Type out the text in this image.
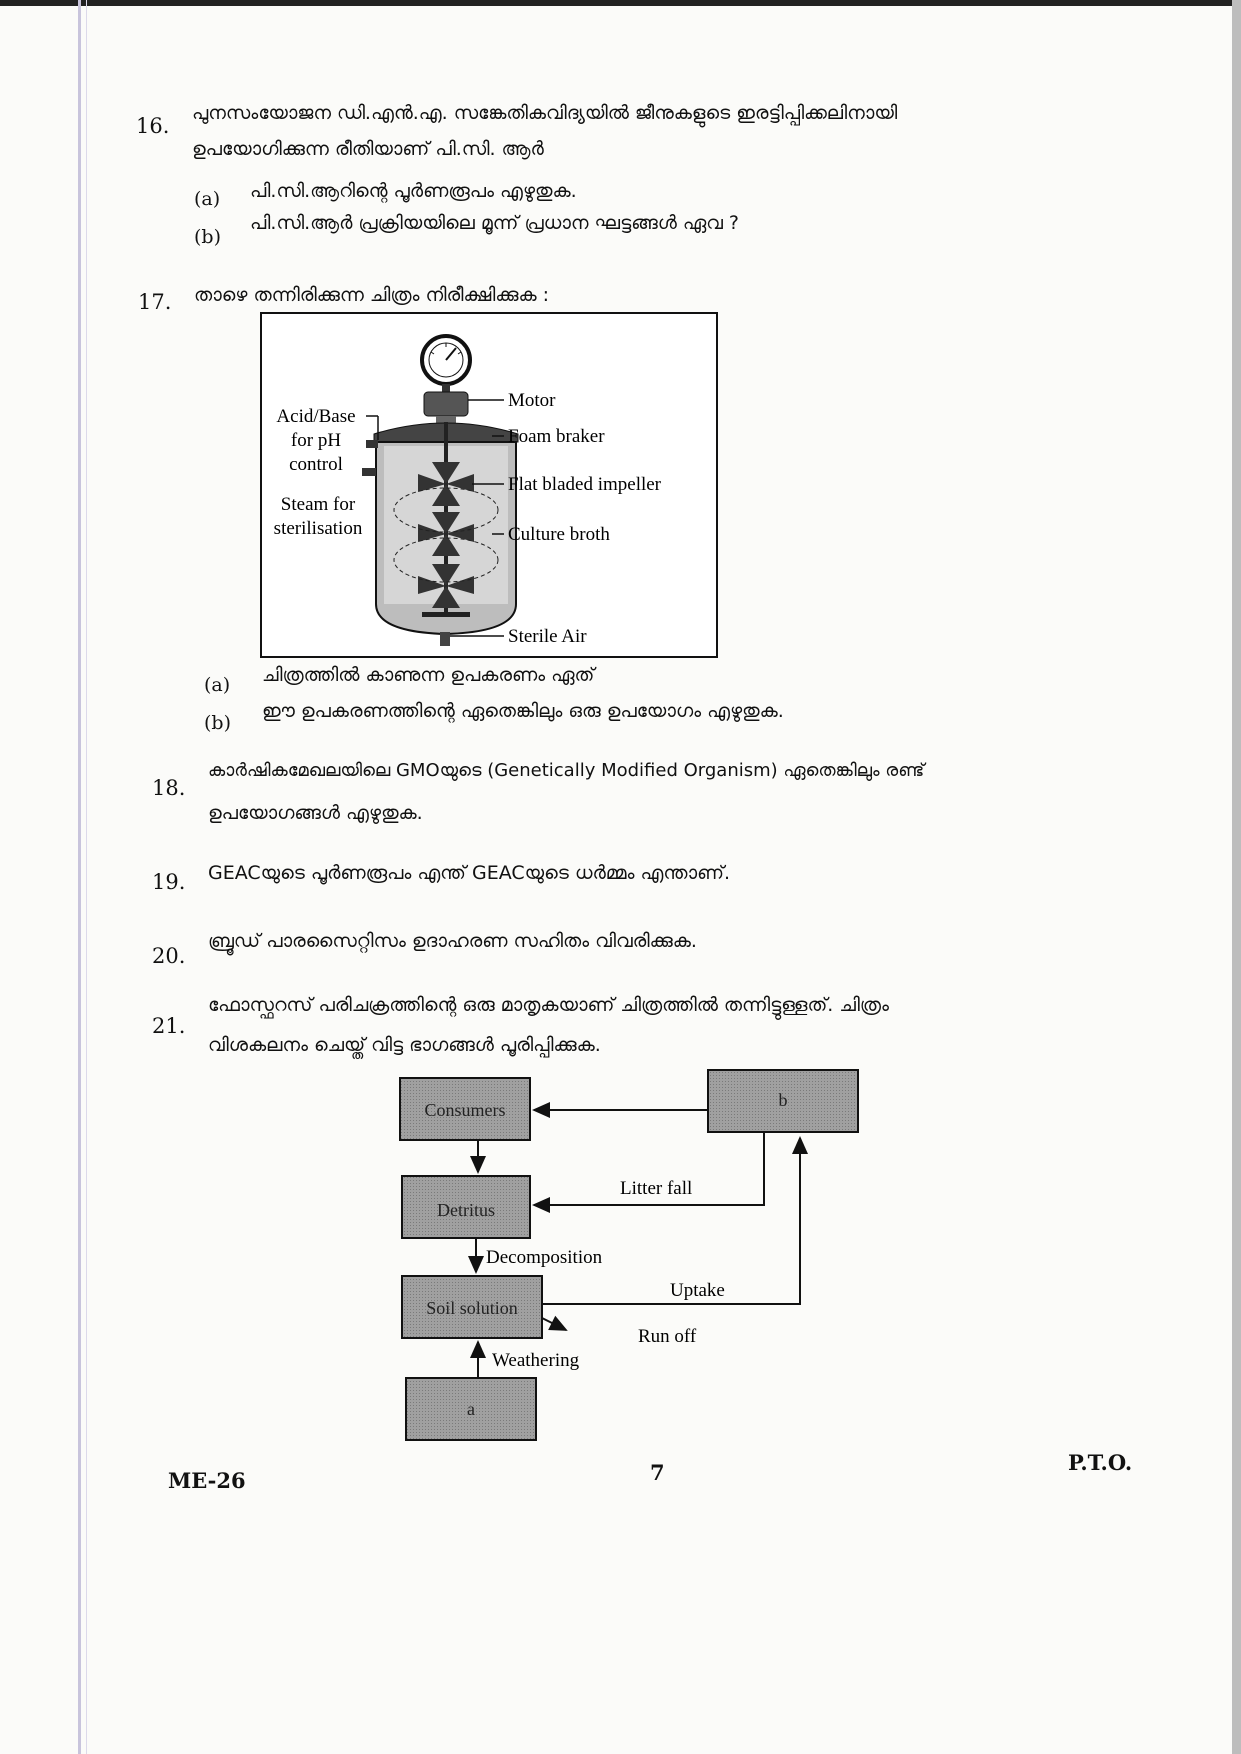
16.
പുനസംയോജന ഡി.എൻ.എ. സങ്കേതികവിദ്യയിൽ ജീനുകളുടെ ഇരട്ടിപ്പിക്കലിനായി
ഉപയോഗിക്കുന്ന രീതിയാണ് പി.സി. ആർ
(a) പി.സി.ആറിന്റെ പൂർണരൂപം എഴുതുക.
(b)
പി.സി.ആർ പ്രക്രിയയിലെ മൂന്ന് പ്രധാന ഘട്ടങ്ങൾ ഏവ ?
17. താഴെ തന്നിരിക്കുന്ന ചിത്രം നിരീക്ഷിക്കുക :
Motor
Foam braker
Flat bladed impeller
Culture broth
Sterile Air
Acid/Base
for pH
control
Steam for
sterilisation
(a) ചിത്രത്തിൽ കാണുന്ന ഉപകരണം ഏത്
(b)
ഈ ഉപകരണത്തിന്റെ ഏതെങ്കിലും ഒരു ഉപയോഗം എഴുതുക.
18.
കാർഷികമേഖലയിലെ GMOയുടെ (Genetically Modified Organism) ഏതെങ്കിലും രണ്ട്
ഉപയോഗങ്ങൾ എഴുതുക.
19. GEACയുടെ പൂർണരൂപം എന്ത് GEACയുടെ ധർമ്മം എന്താണ്.
20.
ബ്രൂഡ് പാരസൈറ്റിസം ഉദാഹരണ സഹിതം വിവരിക്കുക.
21.
ഫോസ്ഫറസ് പരിചക്രത്തിന്റെ ഒരു മാതൃകയാണ് ചിത്രത്തിൽ തന്നിട്ടുള്ളത്. ചിത്രം
വിശകലനം ചെയ്ത് വിട്ട ഭാഗങ്ങൾ പൂരിപ്പിക്കുക.
Consumers	b
Detritus
Soil solution
a
Litter fall
Decomposition
Uptake
Run off
Weathering
ME-26	7	P.T.O.
